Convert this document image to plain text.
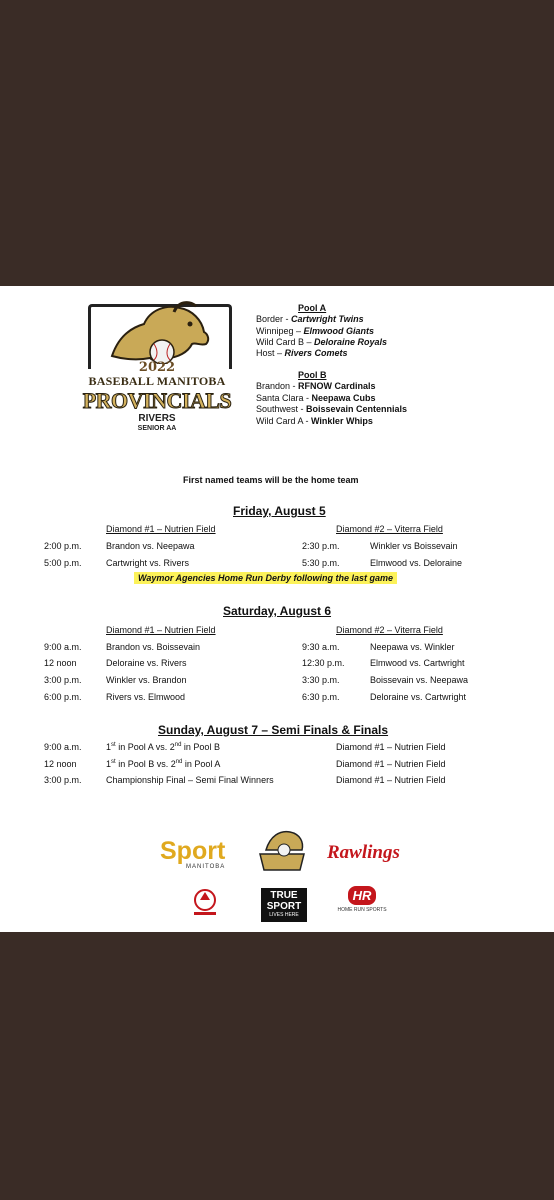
2022
BASEBALL MANITOBA
PROVINCIALS
RIVERS
SENIOR AA
Pool A
Border - Cartwright Twins
Winnipeg – Elmwood Giants
Wild Card B – Deloraine Royals
Host – Rivers Comets
Pool B
Brandon - RFNOW Cardinals
Santa Clara - Neepawa Cubs
Southwest - Boissevain Centennials
Wild Card A - Winkler Whips
First named teams will be the home team
Friday, August 5
Diamond #1 – Nutrien Field	Diamond #2 – Viterra Field
2:00 p.m.	Brandon vs. Neepawa	2:30 p.m.	Winkler vs Boissevain
5:00 p.m.	Cartwright vs. Rivers	5:30 p.m.	Elmwood vs. Deloraine
Waymor Agencies Home Run Derby following the last game
Saturday, August 6
Diamond #1 – Nutrien Field	Diamond #2 – Viterra Field
9:00 a.m.	Brandon vs. Boissevain	9:30 a.m.	Neepawa vs. Winkler
12 noon	Deloraine vs. Rivers	12:30 p.m.	Elmwood vs. Cartwright
3:00 p.m.	Winkler vs. Brandon	3:30 p.m.	Boissevain vs. Neepawa
6:00 p.m.	Rivers vs. Elmwood	6:30 p.m.	Deloraine vs. Cartwright
Sunday, August 7 – Semi Finals & Finals
9:00 a.m.	1st in Pool A vs. 2nd in Pool B	Diamond #1 – Nutrien Field
12 noon	1st in Pool B vs. 2nd in Pool A	Diamond #1 – Nutrien Field
3:00 p.m.	Championship Final – Semi Final Winners	Diamond #1 – Nutrien Field
Sport
MANITOBA
Rawlings
TRUE
SPORT
LIVES HERE
HR
HOME RUN SPORTS
